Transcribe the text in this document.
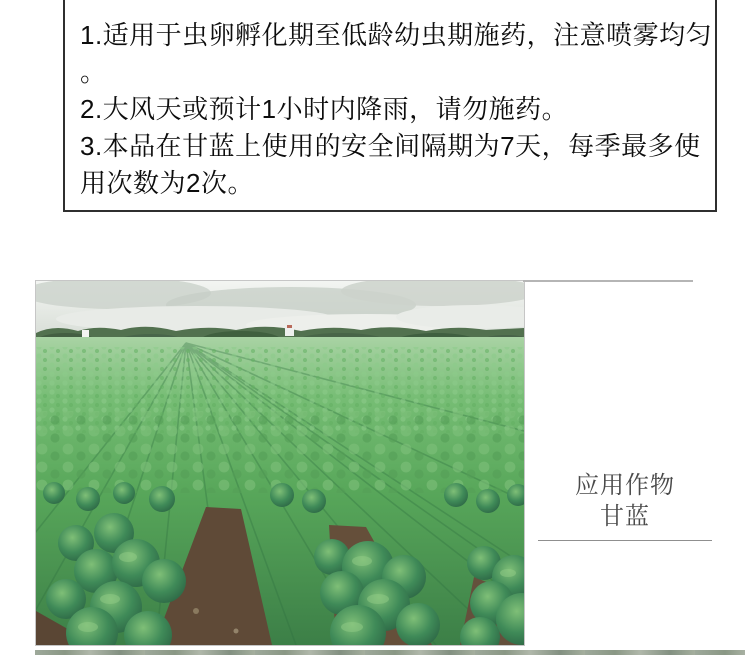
1.适用于虫卵孵化期至低龄幼虫期施药，注意喷雾均匀
。
2.大风天或预计1小时内降雨，请勿施药。
3.本品在甘蓝上使用的安全间隔期为7天，每季最多使
用次数为2次。
应用作物
甘蓝
